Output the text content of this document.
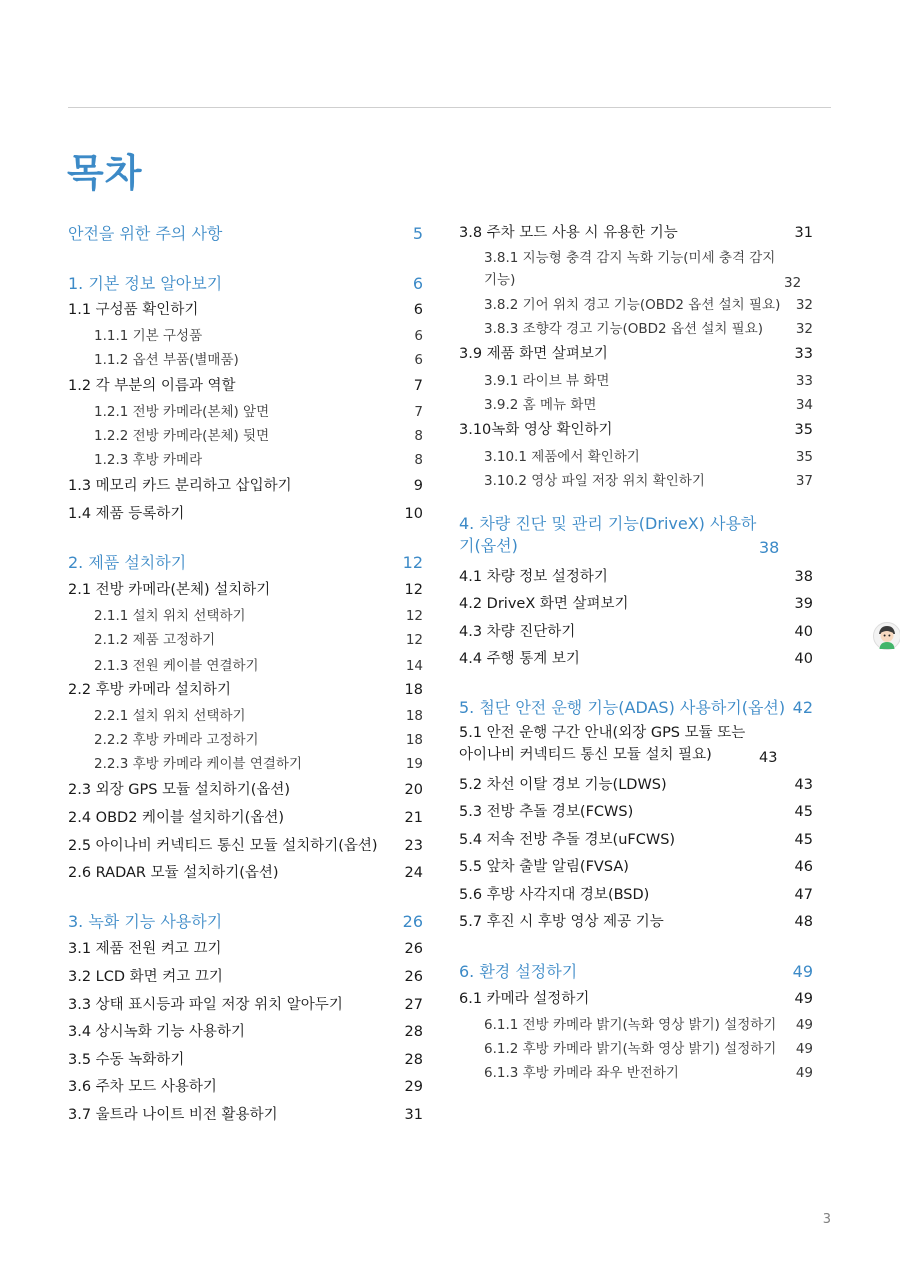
목차
안전을 위한 주의 사항	5
1. 기본 정보 알아보기	6
1.1 구성품 확인하기	6
1.1.1 기본 구성품	6
1.1.2 옵션 부품(별매품)	6
1.2 각 부분의 이름과 역할	7
1.2.1 전방 카메라(본체) 앞면	7
1.2.2 전방 카메라(본체) 뒷면	8
1.2.3 후방 카메라	8
1.3 메모리 카드 분리하고 삽입하기	9
1.4 제품 등록하기	10
2. 제품 설치하기	12
2.1 전방 카메라(본체) 설치하기	12
2.1.1 설치 위치 선택하기	12
2.1.2 제품 고정하기	12
2.1.3 전원 케이블 연결하기	14
2.2 후방 카메라 설치하기	18
2.2.1 설치 위치 선택하기	18
2.2.2 후방 카메라 고정하기	18
2.2.3 후방 카메라 케이블 연결하기	19
2.3 외장 GPS 모듈 설치하기(옵션)	20
2.4 OBD2 케이블 설치하기(옵션)	21
2.5 아이나비 커넥티드 통신 모듈 설치하기(옵션)	23
2.6 RADAR 모듈 설치하기(옵션)	24
3. 녹화 기능 사용하기	26
3.1 제품 전원 켜고 끄기	26
3.2 LCD 화면 켜고 끄기	26
3.3 상태 표시등과 파일 저장 위치 알아두기	27
3.4 상시녹화 기능 사용하기	28
3.5 수동 녹화하기	28
3.6 주차 모드 사용하기	29
3.7 울트라 나이트 비전 활용하기	31
3.8 주차 모드 사용 시 유용한 기능	31
3.8.1 지능형 충격 감지 녹화 기능(미세 충격 감지 기능)	32
3.8.2 기어 위치 경고 기능(OBD2 옵션 설치 필요)	32
3.8.3 조향각 경고 기능(OBD2 옵션 설치 필요)	32
3.9 제품 화면 살펴보기	33
3.9.1 라이브 뷰 화면	33
3.9.2 홈 메뉴 화면	34
3.10녹화 영상 확인하기	35
3.10.1 제품에서 확인하기	35
3.10.2 영상 파일 저장 위치 확인하기	37
4. 차량 진단 및 관리 기능(DriveX) 사용하기(옵션)	38
4.1 차량 정보 설정하기	38
4.2 DriveX 화면 살펴보기	39
4.3 차량 진단하기	40
4.4 주행 통계 보기	40
5. 첨단 안전 운행 기능(ADAS) 사용하기(옵션) 42
5.1 안전 운행 구간 안내(외장 GPS 모듈 또는 아이나비 커넥티드 통신 모듈 설치 필요)	43
5.2 차선 이탈 경보 기능(LDWS)	43
5.3 전방 추돌 경보(FCWS)	45
5.4 저속 전방 추돌 경보(uFCWS)	45
5.5 앞차 출발 알림(FVSA)	46
5.6 후방 사각지대 경보(BSD)	47
5.7 후진 시 후방 영상 제공 기능	48
6. 환경 설정하기	49
6.1 카메라 설정하기	49
6.1.1 전방 카메라 밝기(녹화 영상 밝기) 설정하기	49
6.1.2 후방 카메라 밝기(녹화 영상 밝기) 설정하기	49
6.1.3 후방 카메라 좌우 반전하기	49
3
